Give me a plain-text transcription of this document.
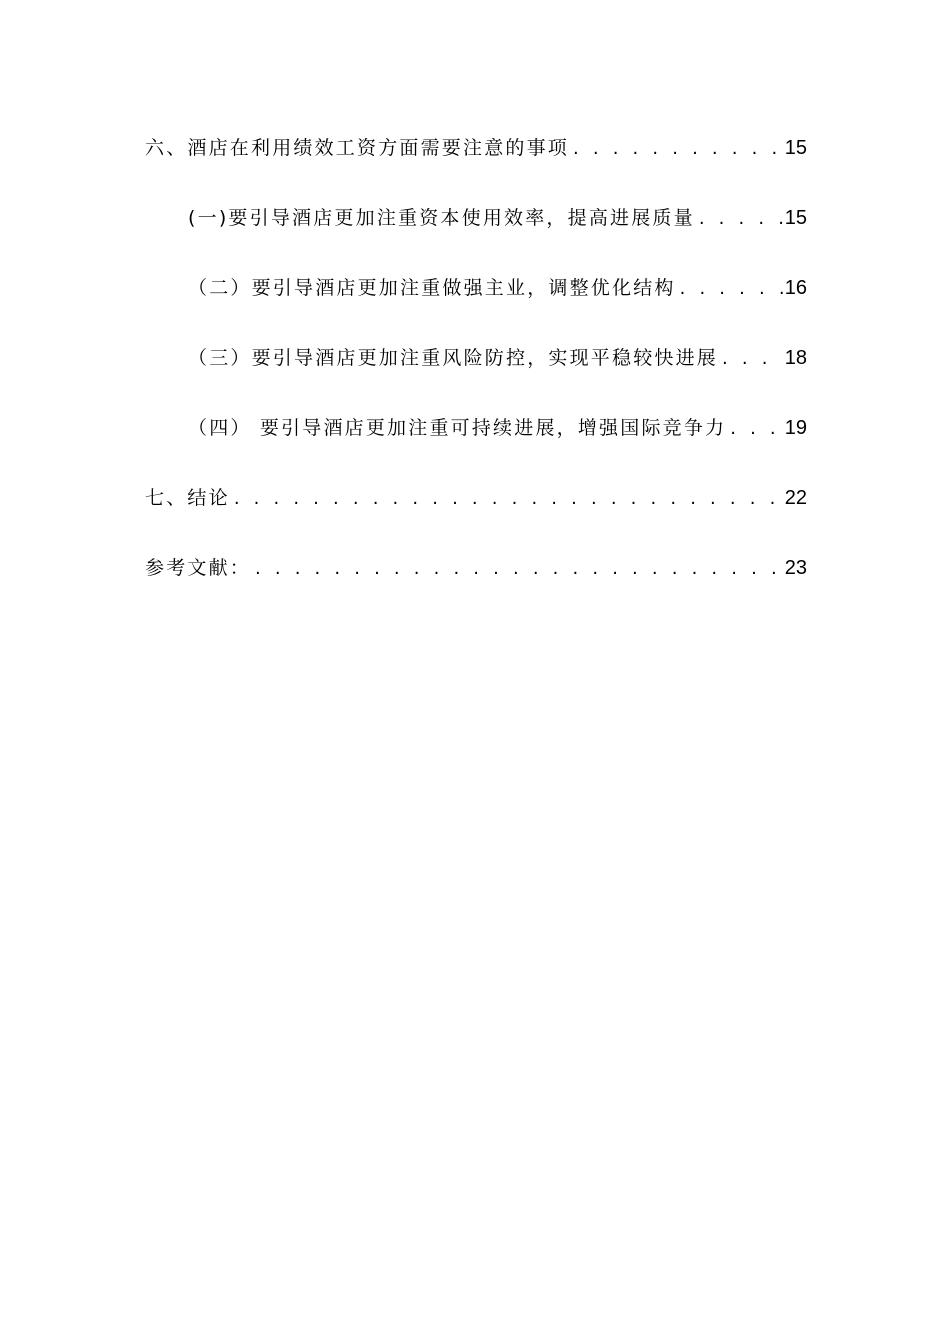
六、酒店在利用绩效工资方面需要注意的事项 . . .	15
(一)要引导酒店更加注重资本使用效率，提高进展质量 . . .	15
（二）要引导酒店更加注重做强主业，调整优化结构 . . .	16
（三）要引导酒店更加注重风险防控，实现平稳较快进展 . . .	18
（四） 要引导酒店更加注重可持续进展，增强国际竞争力 . . .	19
七、结论 . . .	22
参考文献： . . .	23
